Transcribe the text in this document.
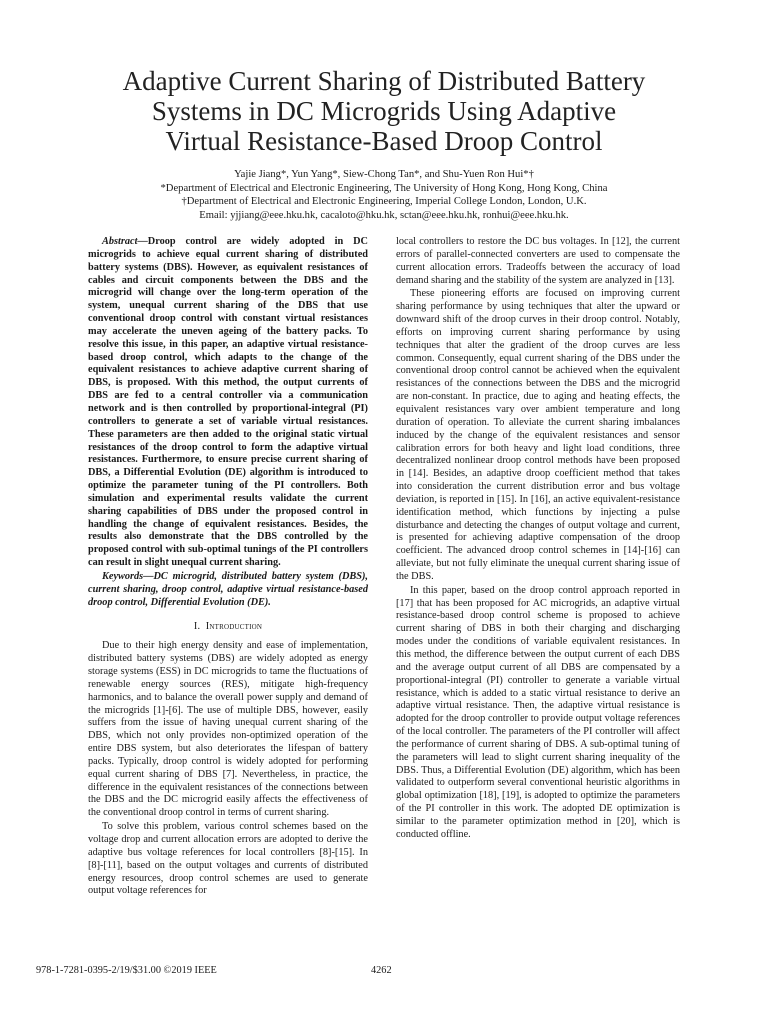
Adaptive Current Sharing of Distributed Battery
Systems in DC Microgrids Using Adaptive
Virtual Resistance-Based Droop Control
Yajie Jiang*, Yun Yang*, Siew-Chong Tan*, and Shu-Yuen Ron Hui*†
*Department of Electrical and Electronic Engineering, The University of Hong Kong, Hong Kong, China
†Department of Electrical and Electronic Engineering, Imperial College London, London, U.K.
Email: yjjiang@eee.hku.hk, cacaloto@hku.hk, sctan@eee.hku.hk, ronhui@eee.hku.hk.

Abstract—Droop control are widely adopted in DC microgrids to achieve equal current sharing of distributed battery systems (DBS). However, as equivalent resistances of cables and circuit components between the DBS and the microgrid will change over the long-term operation of the system, unequal current sharing of the DBS that use conventional droop control with constant virtual resistances may accelerate the uneven ageing of the battery packs. To resolve this issue, in this paper, an adaptive virtual resistance-based droop control, which adapts to the change of the equivalent resistances to achieve adaptive current sharing of DBS, is proposed. With this method, the output currents of DBS are fed to a central controller via a communication network and is then controlled by proportional-integral (PI) controllers to generate a set of variable virtual resistances. These parameters are then added to the original static virtual resistances of the droop control to form the adaptive virtual resistances. Furthermore, to ensure precise current sharing of DBS, a Differential Evolution (DE) algorithm is introduced to optimize the parameter tuning of the PI controllers. Both simulation and experimental results validate the current sharing capabilities of DBS under the proposed control in handling the change of equivalent resistances. Besides, the results also demonstrate that the DBS controlled by the proposed control with sub-optimal tunings of the PI controllers can result in slight unequal current sharing.

Keywords—DC microgrid, distributed battery system (DBS), current sharing, droop control, adaptive virtual resistance-based droop control, Differential Evolution (DE).

I. Introduction

Due to their high energy density and ease of implementation, distributed battery systems (DBS) are widely adopted as energy storage systems (ESS) in DC microgrids to tame the fluctuations of renewable energy sources (RES), mitigate high-frequency harmonics, and to balance the overall power supply and demand of the microgrids [1]-[6]. The use of multiple DBS, however, easily suffers from the issue of having unequal current sharing of the DBS, which not only provides non-optimized operation of the entire DBS system, but also deteriorates the lifespan of battery packs. Typically, droop control is widely adopted for performing equal current sharing of DBS [7]. Nevertheless, in practice, the difference in the equivalent resistances of the connections between the DBS and the DC microgrid easily affects the effectiveness of the conventional droop control in terms of current sharing.

To solve this problem, various control schemes based on the voltage drop and current allocation errors are adopted to derive the adaptive bus voltage references for local controllers [8]-[15]. In [8]-[11], based on the output voltages and currents of distributed energy resources, droop control schemes are used to generate output voltage references for

local controllers to restore the DC bus voltages. In [12], the current errors of parallel-connected converters are used to compensate the current allocation errors. Tradeoffs between the accuracy of load demand sharing and the stability of the system are analyzed in [13].

These pioneering efforts are focused on improving current sharing performance by using techniques that alter the upward or downward shift of the droop curves in their droop control. Notably, efforts on improving current sharing performance by using techniques that alter the gradient of the droop curves are less common. Consequently, equal current sharing of the DBS under the conventional droop control cannot be achieved when the equivalent resistances of the connections between the DBS and the microgrid are non-constant. In practice, due to aging and heating effects, the equivalent resistances vary over ambient temperature and long duration of operation. To alleviate the current sharing imbalances induced by the change of the equivalent resistances and sensor calibration errors for both heavy and light load conditions, three decentralized nonlinear droop control methods have been proposed in [14]. Besides, an adaptive droop coefficient method that takes into consideration the current distribution error and bus voltage deviation, is reported in [15]. In [16], an active equivalent-resistance identification method, which functions by injecting a pulse disturbance and detecting the changes of output voltage and current, is presented for achieving adaptive compensation of the droop coefficient. The advanced droop control schemes in [14]-[16] can alleviate, but not fully eliminate the unequal current sharing issue of the DBS.

In this paper, based on the droop control approach reported in [17] that has been proposed for AC microgrids, an adaptive virtual resistance-based droop control scheme is proposed to achieve current sharing of DBS in both their charging and discharging modes under the conditions of variable equivalent resistances. In this method, the difference between the output current of each DBS and the average output current of all DBS are compensated by a proportional-integral (PI) controller to generate a variable virtual resistance, which is added to a static virtual resistance to derive an adaptive virtual resistance. Then, the adaptive virtual resistance is adopted for the droop controller to provide output voltage references of the local controller. The parameters of the PI controller will affect the performance of current sharing of DBS. A sub-optimal tuning of the parameters will lead to slight current sharing inequality of the DBS. Thus, a Differential Evolution (DE) algorithm, which has been validated to outperform several conventional heuristic algorithms in global optimization [18], [19], is adopted to optimize the parameters of the PI controller in this work. The adopted DE optimization is similar to the parameter optimization method in [20], which is conducted offline.

978-1-7281-0395-2/19/$31.00 ©2019 IEEE	4262
